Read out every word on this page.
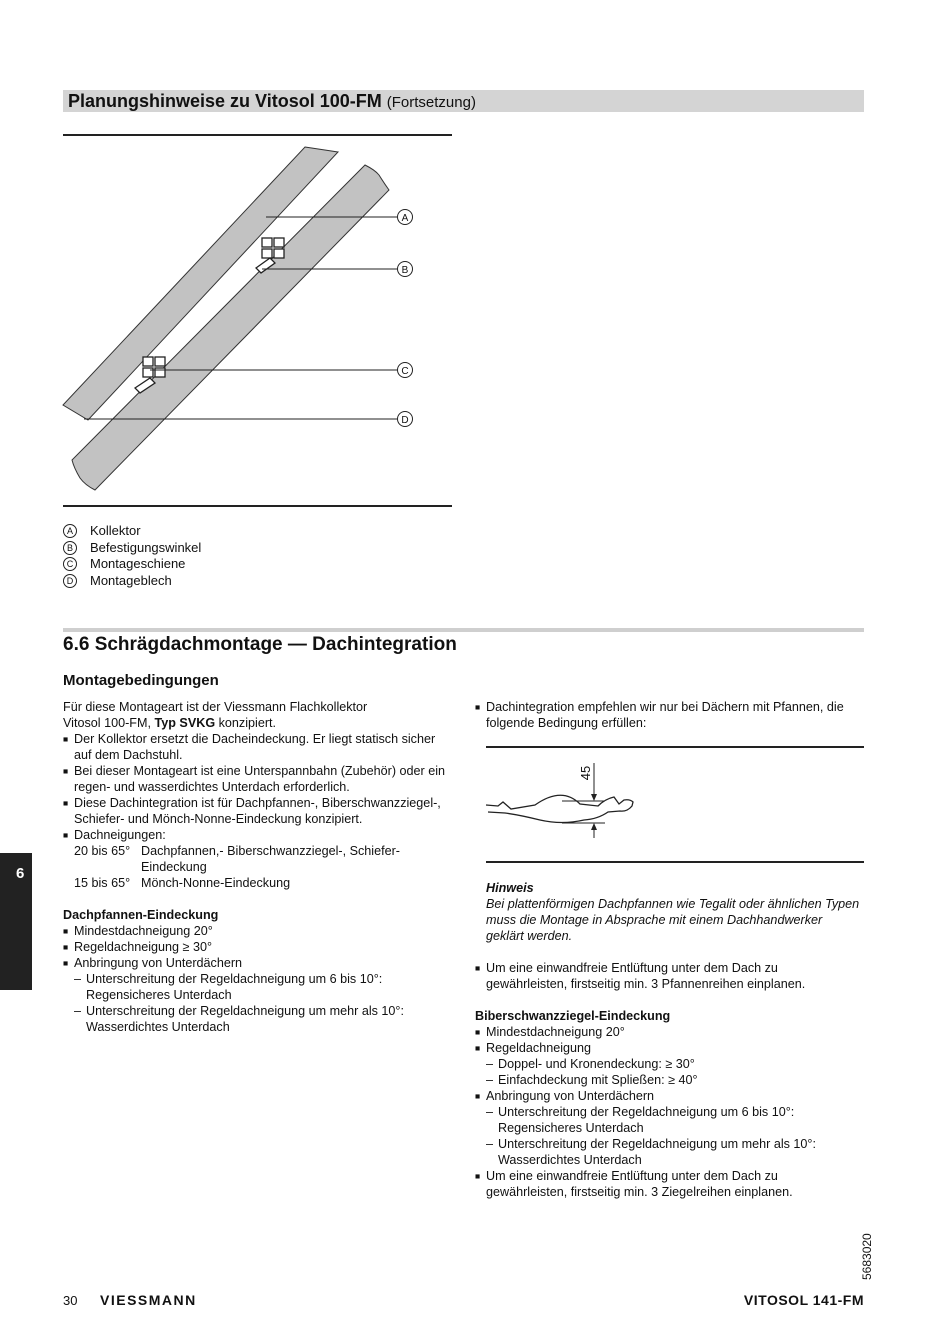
Planungshinweise zu Vitosol 100-FM (Fortsetzung)
A
B
C
D
A	Kollektor
B	Befestigungswinkel
C Montageschiene
D Montageblech
6.6 Schrägdachmontage — Dachintegration
Montagebedingungen

Für diese Montageart ist der Viessmann Flachkollektor

Vitosol 100-FM, Typ SVKG konzipiert.

■ Der Kollektor ersetzt die Dacheindeckung. Er liegt statisch sicher auf dem Dachstuhl.

■ Bei dieser Montageart ist eine Unterspannbahn (Zubehör) oder ein regen- und wasserdichtes Unterdach erforderlich.

■ Diese Dachintegration ist für Dachpfannen-, Biberschwanzziegel-, Schiefer- und Mönch-Nonne-Eindeckung konzipiert.

■ Dachneigungen:

20 bis 65° Dachpfannen,- Biberschwanzziegel-, Schiefer-Eindeckung
15 bis 65° Mönch-Nonne-Eindeckung

Dachpfannen-Eindeckung

■ Mindestdachneigung 20°

■ Regeldachneigung ≥ 30°

■ Anbringung von Unterdächern

– Unterschreitung der Regeldachneigung um 6 bis 10°: Regensicheres Unterdach

– Unterschreitung der Regeldachneigung um mehr als 10°: Wasserdichtes Unterdach

■ Dachintegration empfehlen wir nur bei Dächern mit Pfannen, die folgende Bedingung erfüllen:

45

Hinweis

Bei plattenförmigen Dachpfannen wie Tegalit oder ähnlichen Typen muss die Montage in Absprache mit einem Dachhandwerker geklärt werden.

■ Um eine einwandfreie Entlüftung unter dem Dach zu gewährleisten, firstseitig min. 3 Pfannenreihen einplanen.

Biberschwanzziegel-Eindeckung

■ Mindestdachneigung 20°

■ Regeldachneigung

– Doppel- und Kronendeckung: ≥ 30°

– Einfachdeckung mit Spließen: ≥ 40°

■ Anbringung von Unterdächern

– Unterschreitung der Regeldachneigung um 6 bis 10°: Regensicheres Unterdach

– Unterschreitung der Regeldachneigung um mehr als 10°: Wasserdichtes Unterdach

■ Um eine einwandfreie Entlüftung unter dem Dach zu gewährleisten, firstseitig min. 3 Ziegelreihen einplanen.

6
5683020
30 VIESSMANN	VITOSOL 141-FM
